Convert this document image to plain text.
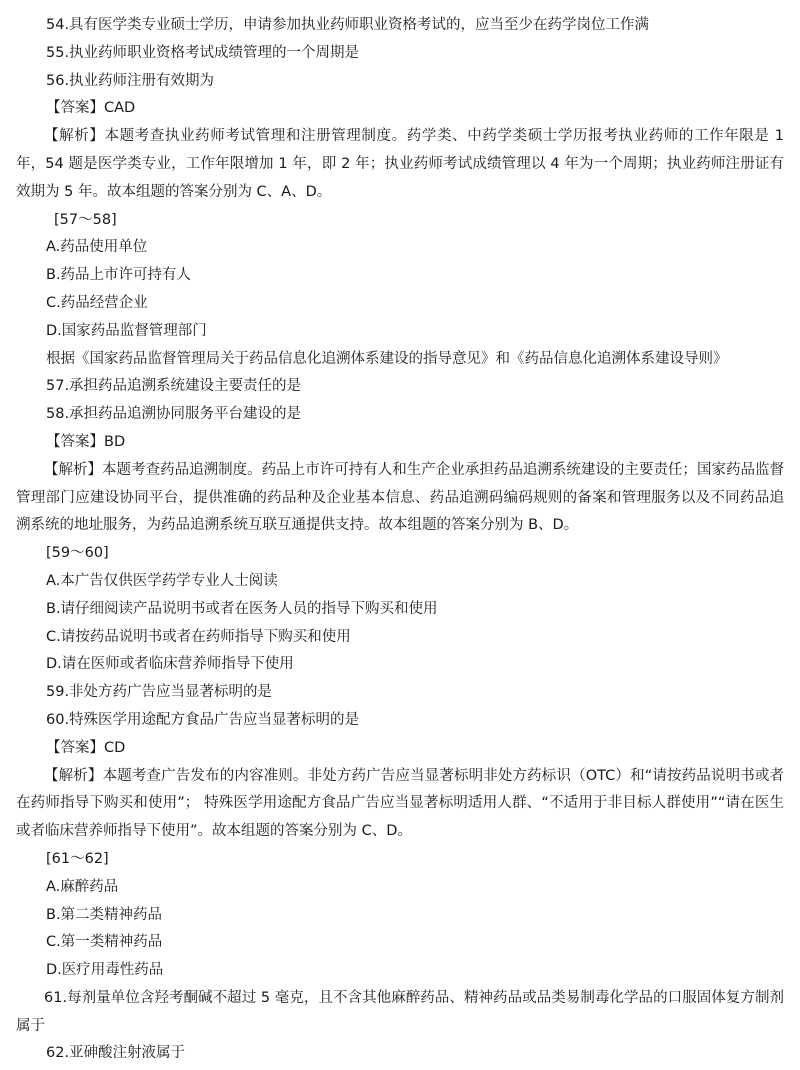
54.具有医学类专业硕士学历，申请参加执业药师职业资格考试的，应当至少在药学岗位工作满
55.执业药师职业资格考试成绩管理的一个周期是
56.执业药师注册有效期为
【答案】CAD
【解析】本题考查执业药师考试管理和注册管理制度。药学类、中药学类硕士学历报考执业药师的工作年限是 1 年，54 题是医学类专业，工作年限增加 1 年，即 2 年；执业药师考试成绩管理以 4 年为一个周期；执业药师注册证有效期为 5 年。故本组题的答案分别为 C、A、D。
[57～58]
A.药品使用单位
B.药品上市许可持有人
C.药品经营企业
D.国家药品监督管理部门
根据《国家药品监督管理局关于药品信息化追溯体系建设的指导意见》和《药品信息化追溯体系建设导则》
57.承担药品追溯系统建设主要责任的是
58.承担药品追溯协同服务平台建设的是
【答案】BD
【解析】本题考查药品追溯制度。药品上市许可持有人和生产企业承担药品追溯系统建设的主要责任；国家药品监督管理部门应建设协同平台，提供准确的药品种及企业基本信息、药品追溯码编码规则的备案和管理服务以及不同药品追溯系统的地址服务，为药品追溯系统互联互通提供支持。故本组题的答案分别为 B、D。
[59～60]
A.本广告仅供医学药学专业人士阅读
B.请仔细阅读产品说明书或者在医务人员的指导下购买和使用
C.请按药品说明书或者在药师指导下购买和使用
D.请在医师或者临床营养师指导下使用
59.非处方药广告应当显著标明的是
60.特殊医学用途配方食品广告应当显著标明的是
【答案】CD
【解析】本题考查广告发布的内容准则。非处方药广告应当显著标明非处方药标识（OTC）和“请按药品说明书或者在药师指导下购买和使用”； 特殊医学用途配方食品广告应当显著标明适用人群、“不适用于非目标人群使用”“请在医生或者临床营养师指导下使用”。故本组题的答案分别为 C、D。
[61～62]
A.麻醉药品
B.第二类精神药品
C.第一类精神药品
D.医疗用毒性药品
61.每剂量单位含羟考酮碱不超过 5 毫克，且不含其他麻醉药品、精神药品或品类易制毒化学品的口服固体复方制剂属于
62.亚砷酸注射液属于
